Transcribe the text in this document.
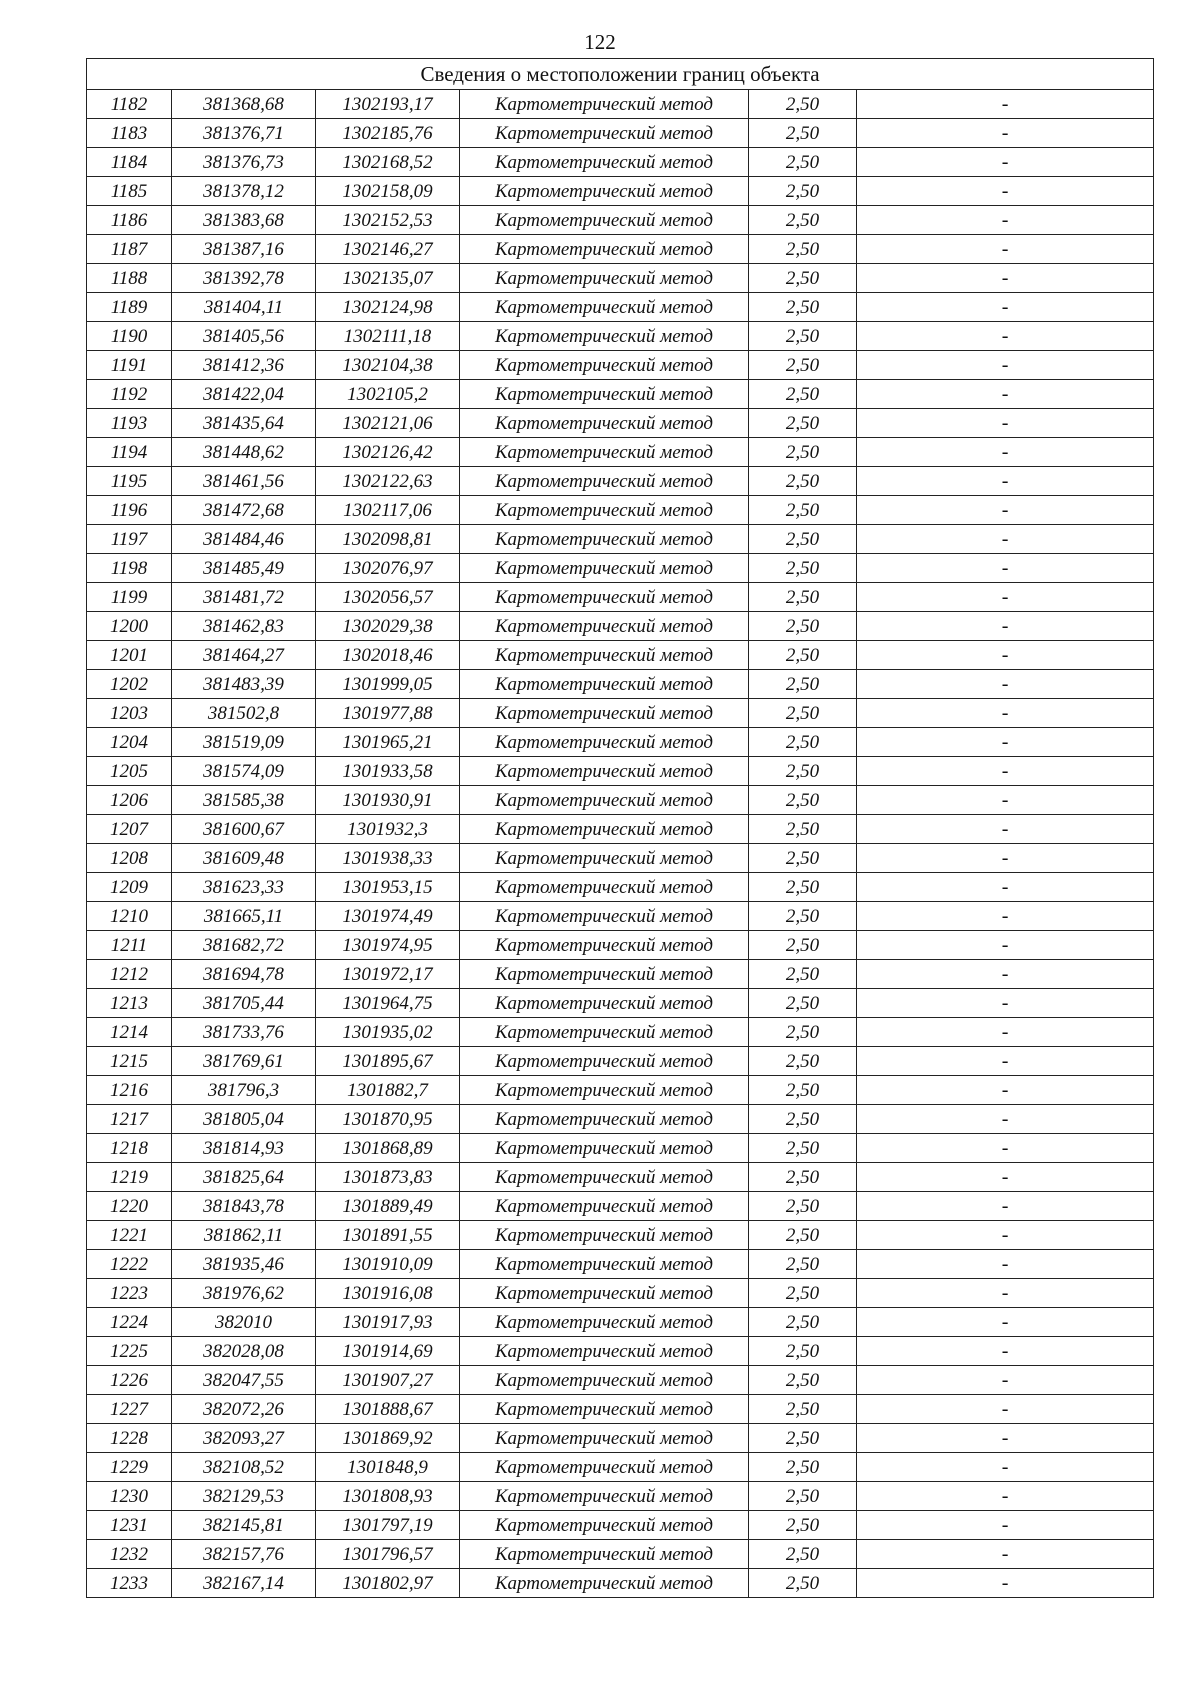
122
Сведения о местоположении границ объекта					
1182	381368,68	1302193,17	Картометрический метод	2,50	-
1183	381376,71	1302185,76	Картометрический метод	2,50	-
1184	381376,73	1302168,52	Картометрический метод	2,50	-
1185	381378,12	1302158,09	Картометрический метод	2,50	-
1186	381383,68	1302152,53	Картометрический метод	2,50	-
1187	381387,16	1302146,27	Картометрический метод	2,50	-
1188	381392,78	1302135,07	Картометрический метод	2,50	-
1189	381404,11	1302124,98	Картометрический метод	2,50	-
1190	381405,56	1302111,18	Картометрический метод	2,50	-
1191	381412,36	1302104,38	Картометрический метод	2,50	-
1192	381422,04	1302105,2	Картометрический метод	2,50	-
1193	381435,64	1302121,06	Картометрический метод	2,50	-
1194	381448,62	1302126,42	Картометрический метод	2,50	-
1195	381461,56	1302122,63	Картометрический метод	2,50	-
1196	381472,68	1302117,06	Картометрический метод	2,50	-
1197	381484,46	1302098,81	Картометрический метод	2,50	-
1198	381485,49	1302076,97	Картометрический метод	2,50	-
1199	381481,72	1302056,57	Картометрический метод	2,50	-
1200	381462,83	1302029,38	Картометрический метод	2,50	-
1201	381464,27	1302018,46	Картометрический метод	2,50	-
1202	381483,39	1301999,05	Картометрический метод	2,50	-
1203	381502,8	1301977,88	Картометрический метод	2,50	-
1204	381519,09	1301965,21	Картометрический метод	2,50	-
1205	381574,09	1301933,58	Картометрический метод	2,50	-
1206	381585,38	1301930,91	Картометрический метод	2,50	-
1207	381600,67	1301932,3	Картометрический метод	2,50	-
1208	381609,48	1301938,33	Картометрический метод	2,50	-
1209	381623,33	1301953,15	Картометрический метод	2,50	-
1210	381665,11	1301974,49	Картометрический метод	2,50	-
1211	381682,72	1301974,95	Картометрический метод	2,50	-
1212	381694,78	1301972,17	Картометрический метод	2,50	-
1213	381705,44	1301964,75	Картометрический метод	2,50	-
1214	381733,76	1301935,02	Картометрический метод	2,50	-
1215	381769,61	1301895,67	Картометрический метод	2,50	-
1216	381796,3	1301882,7	Картометрический метод	2,50	-
1217	381805,04	1301870,95	Картометрический метод	2,50	-
1218	381814,93	1301868,89	Картометрический метод	2,50	-
1219	381825,64	1301873,83	Картометрический метод	2,50	-
1220	381843,78	1301889,49	Картометрический метод	2,50	-
1221	381862,11	1301891,55	Картометрический метод	2,50	-
1222	381935,46	1301910,09	Картометрический метод	2,50	-
1223	381976,62	1301916,08	Картометрический метод	2,50	-
1224	382010	1301917,93	Картометрический метод	2,50	-
1225	382028,08	1301914,69	Картометрический метод	2,50	-
1226	382047,55	1301907,27	Картометрический метод	2,50	-
1227	382072,26	1301888,67	Картометрический метод	2,50	-
1228	382093,27	1301869,92	Картометрический метод	2,50	-
1229	382108,52	1301848,9	Картометрический метод	2,50	-
1230	382129,53	1301808,93	Картометрический метод	2,50	-
1231	382145,81	1301797,19	Картометрический метод	2,50	-
1232	382157,76	1301796,57	Картометрический метод	2,50	-
1233	382167,14	1301802,97	Картометрический метод	2,50	-
